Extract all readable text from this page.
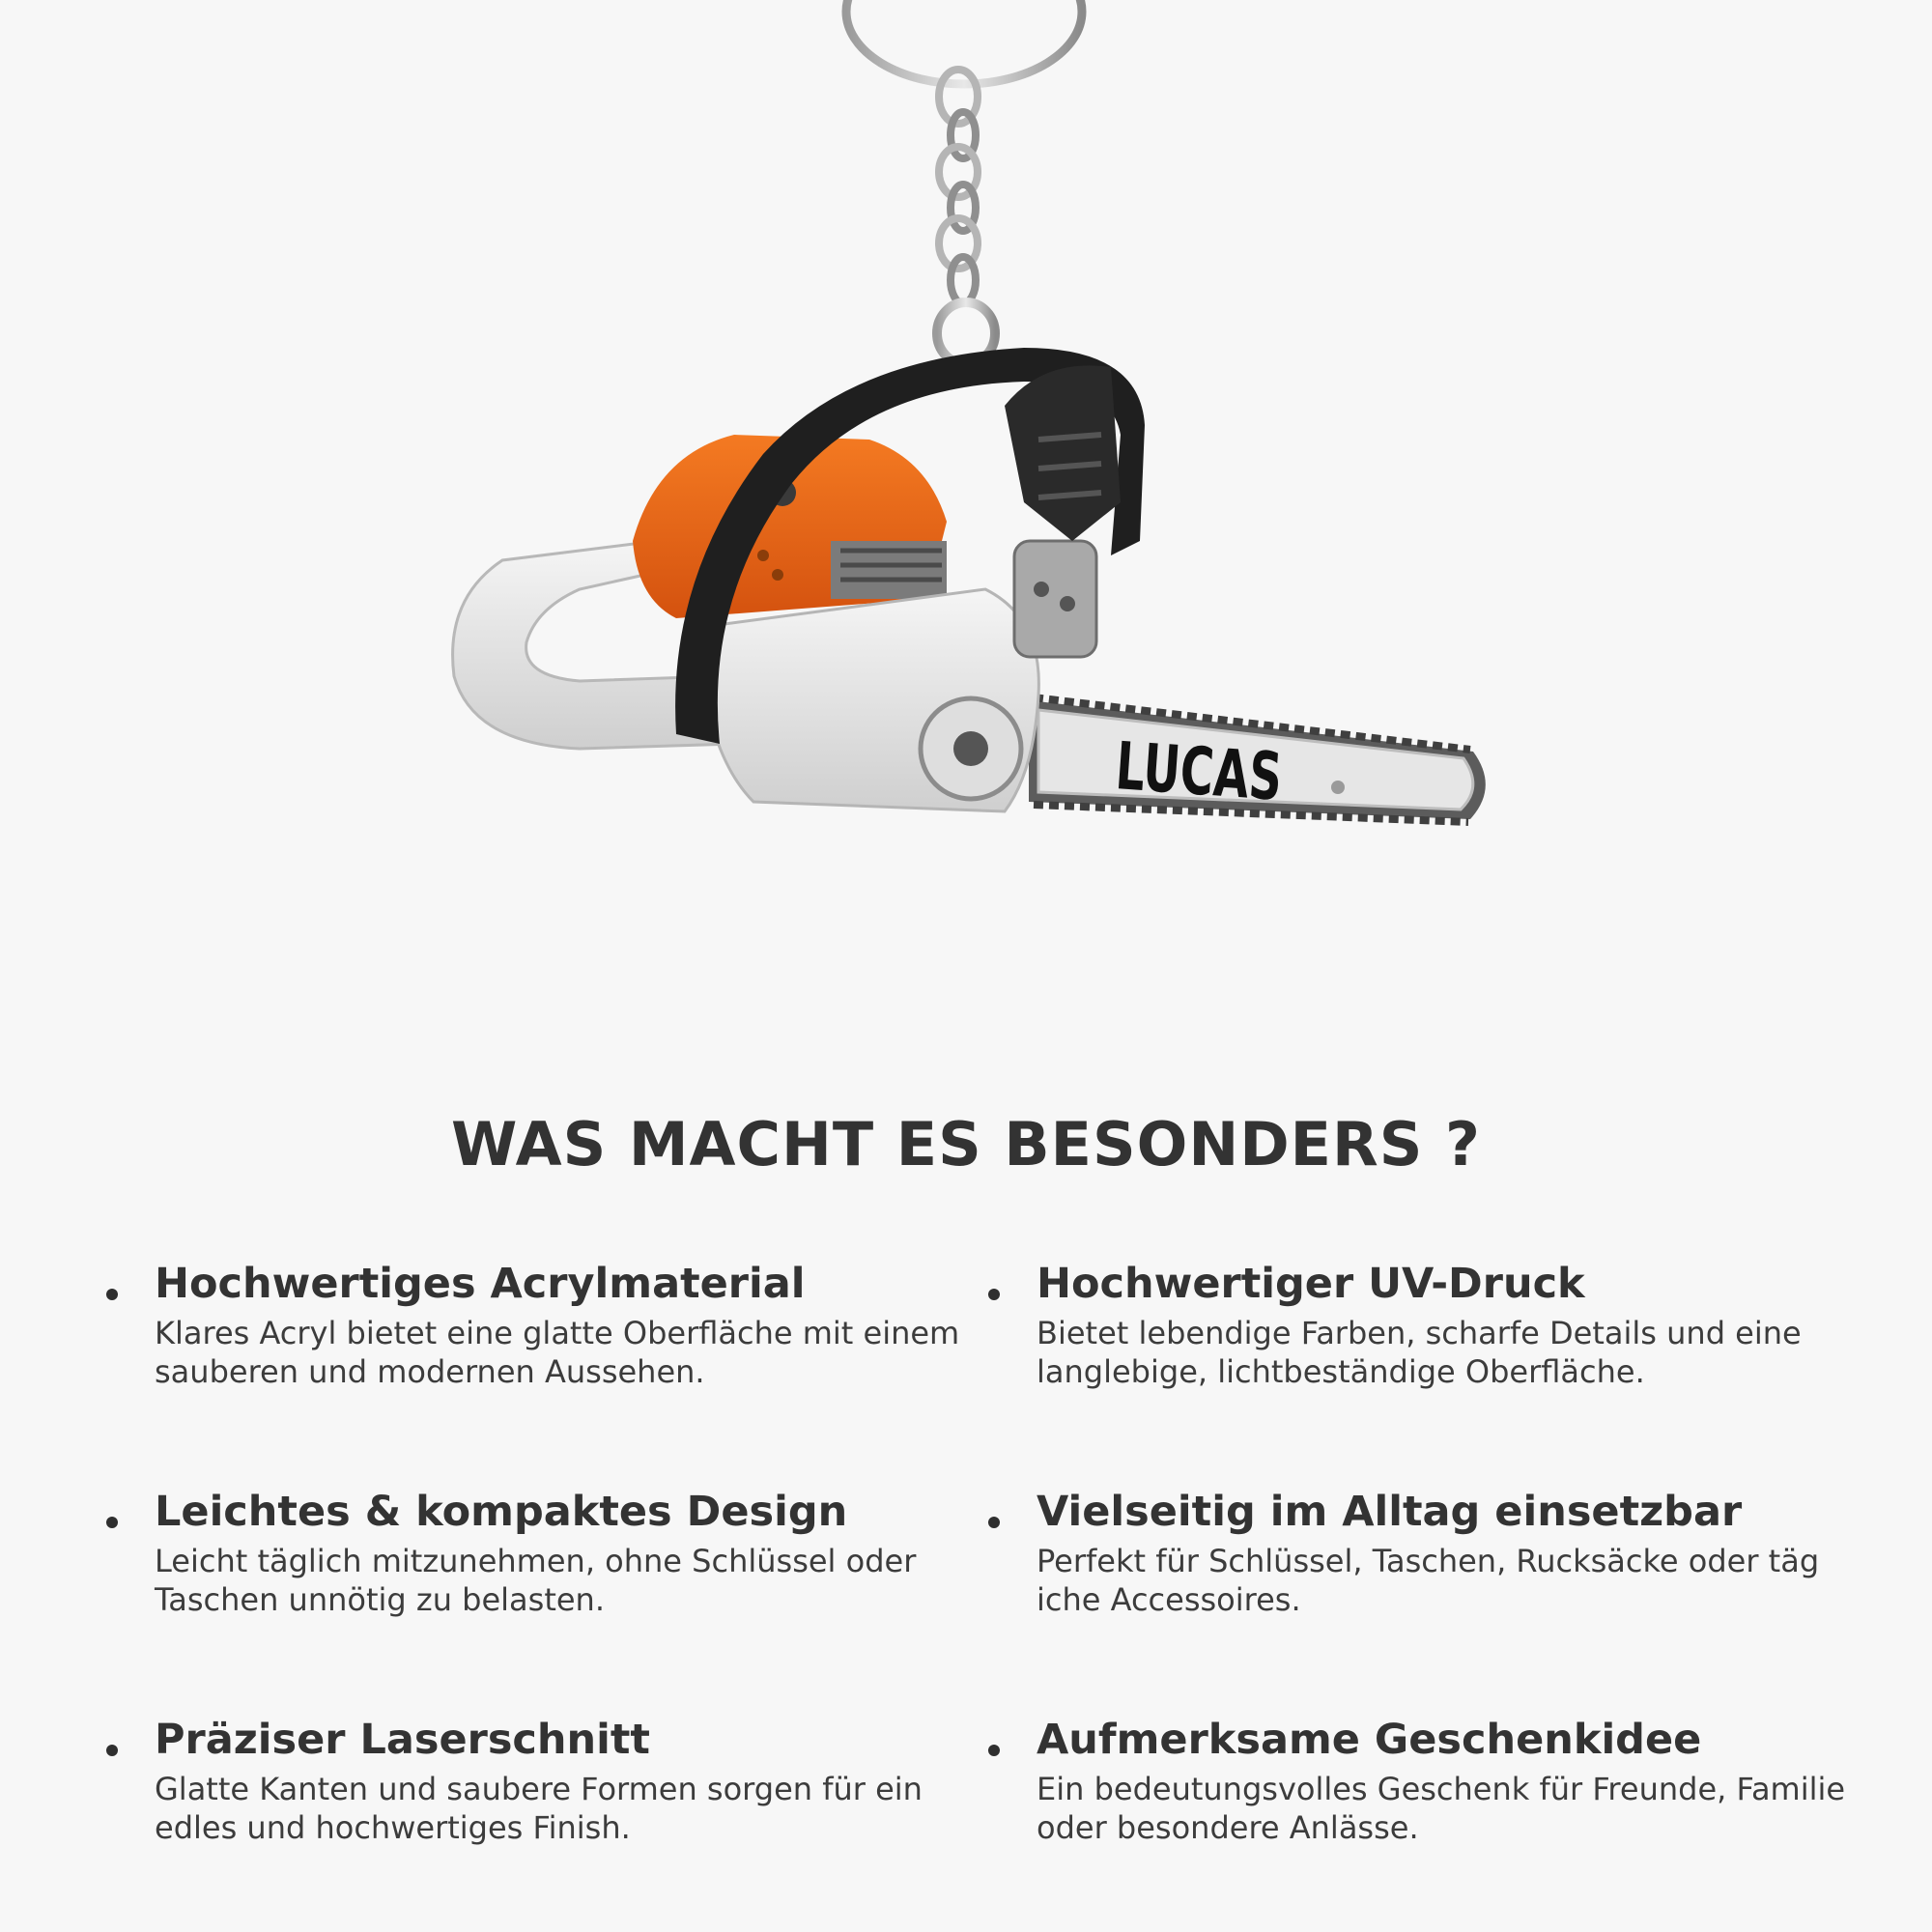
LUCAS
WAS MACHT ES BESONDERS ?

Hochwertiges Acrylmaterial

Klares Acryl bietet eine glatte Oberfläche mit einem sauberen und modernen Aussehen.

Hochwertiger UV-Druck

Bietet lebendige Farben, scharfe Details und eine langlebige, lichtbeständige Oberfläche.

Leichtes & kompaktes Design

Leicht täglich mitzunehmen, ohne Schlüssel oder Taschen unnötig zu belasten.

Vielseitig im Alltag einsetzbar

Perfekt für Schlüssel, Taschen, Rucksäcke oder täg iche Accessoires.

Präziser Laserschnitt

Glatte Kanten und saubere Formen sorgen für ein edles und hochwertiges Finish.

Aufmerksame Geschenkidee

Ein bedeutungsvolles Geschenk für Freunde, Familie oder besondere Anlässe.
